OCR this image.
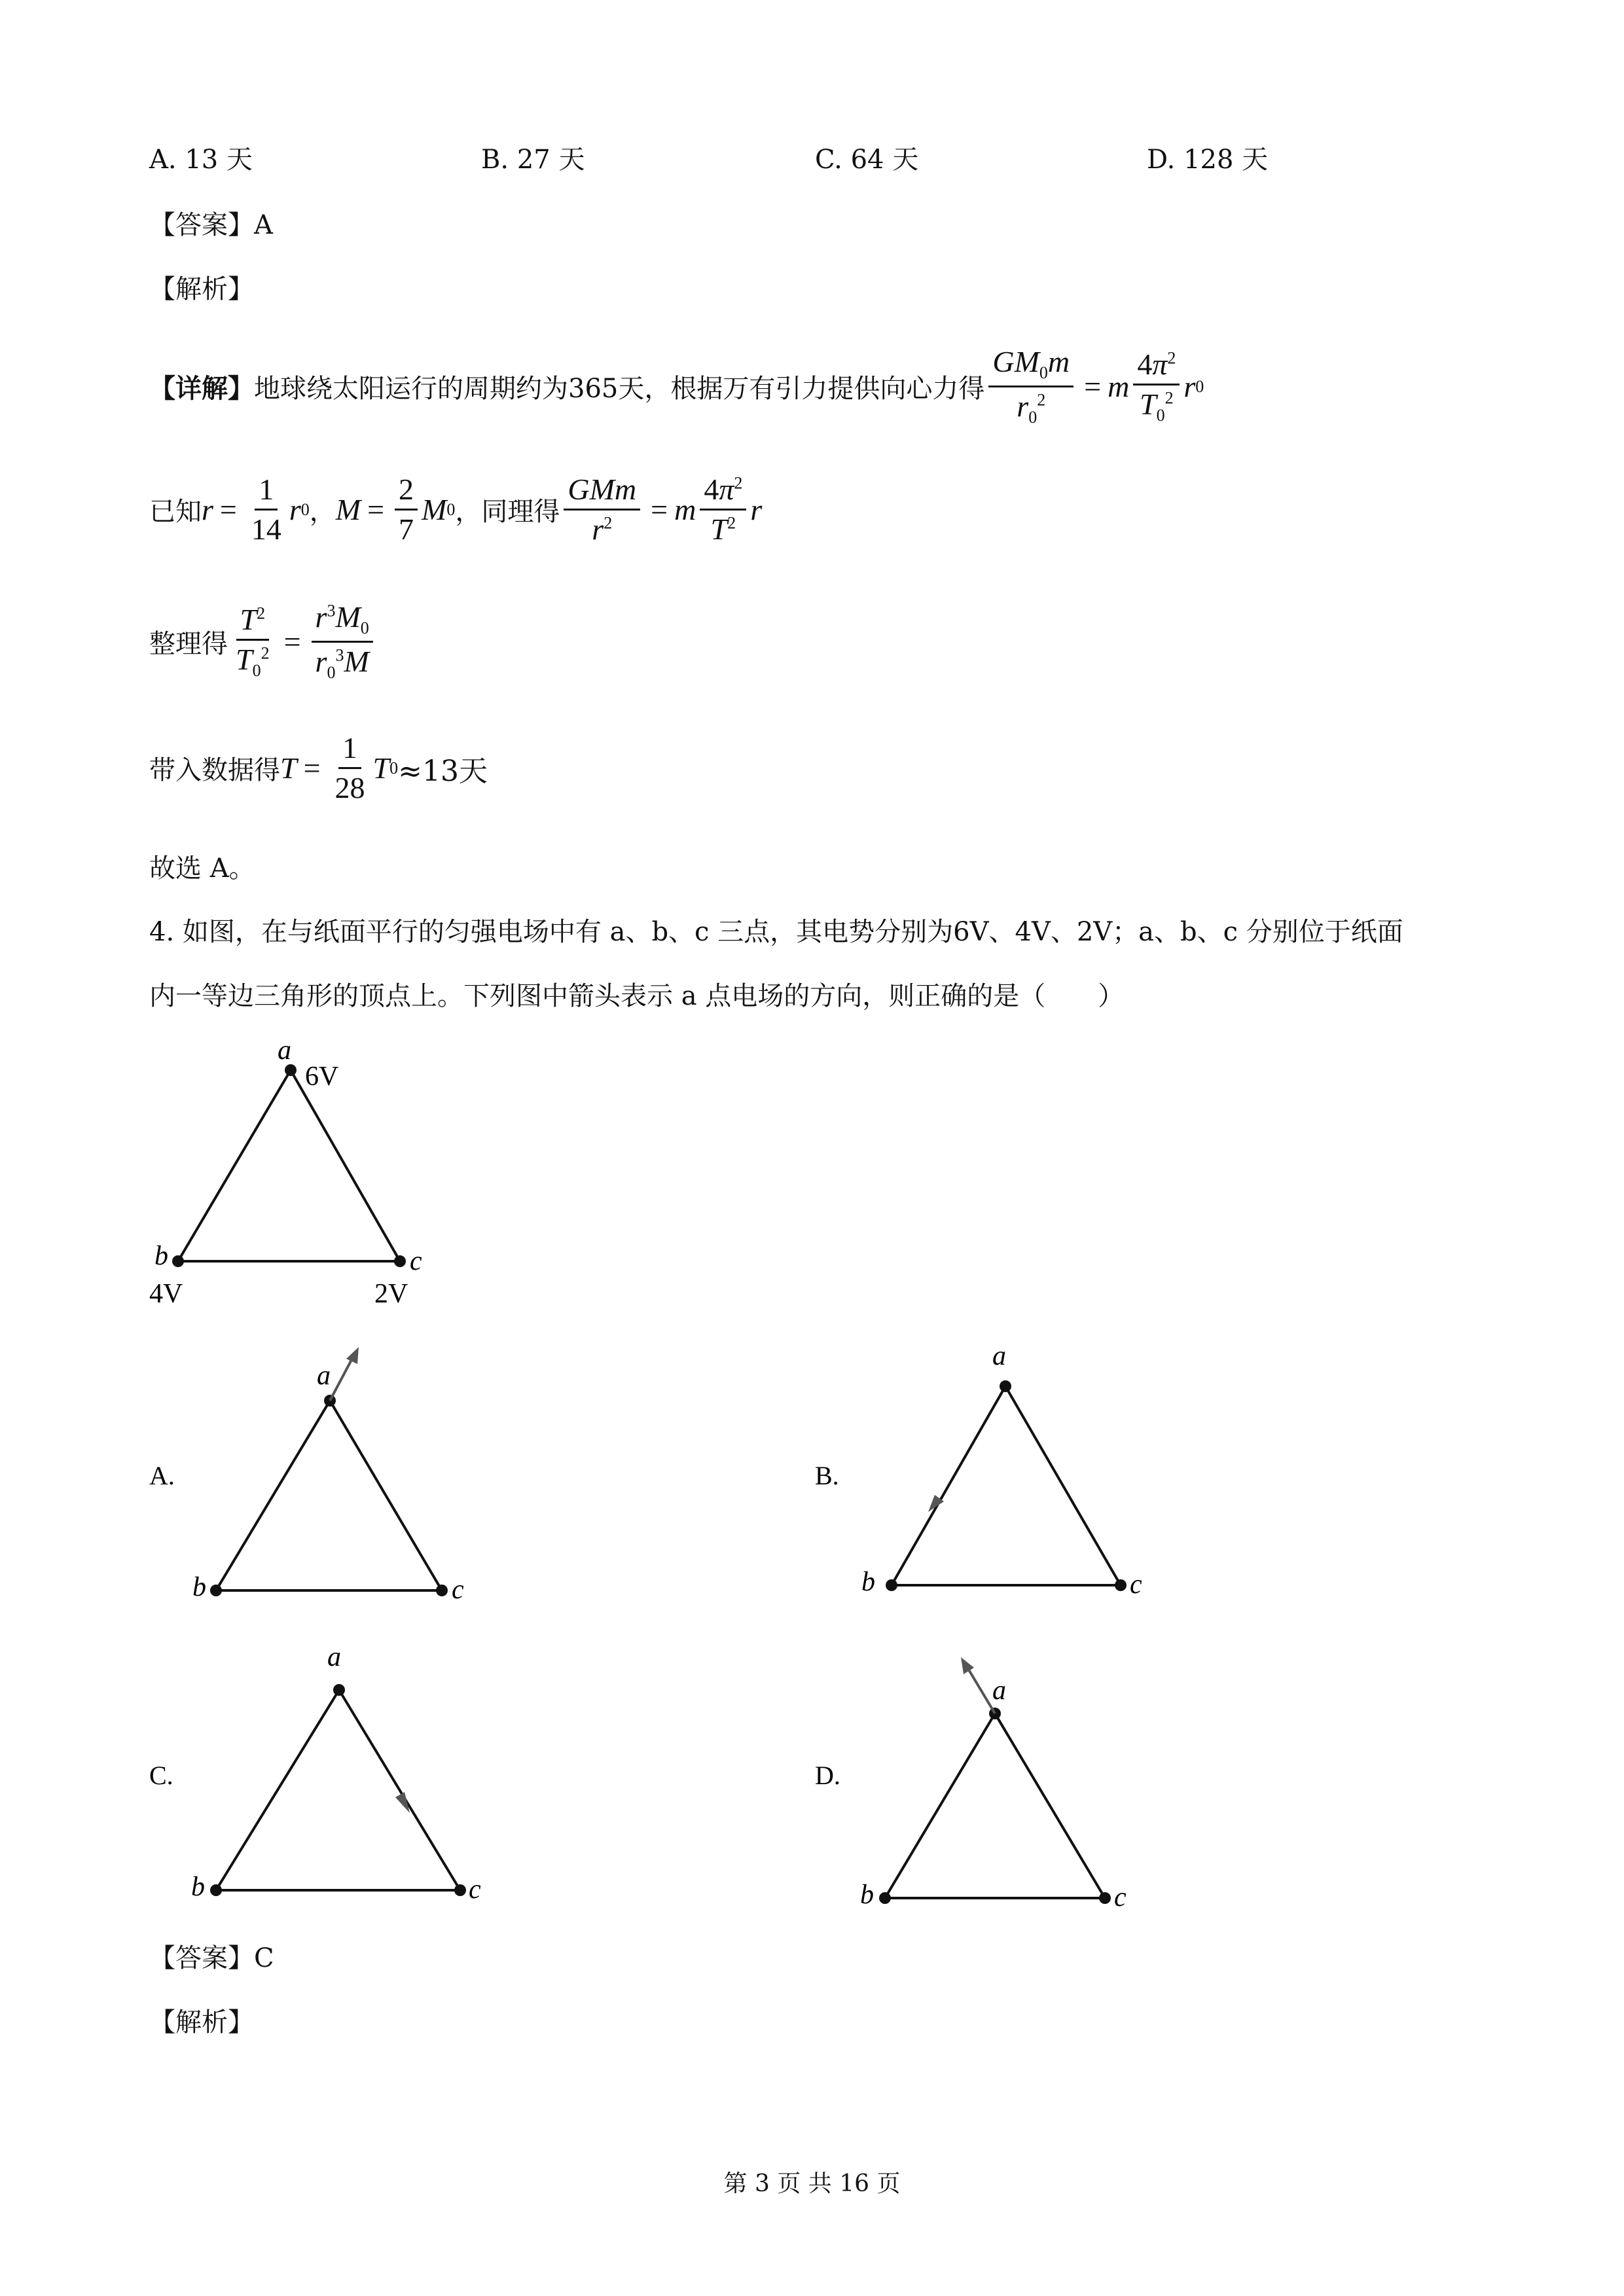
A. 13 天	B. 27 天	C. 64 天	D. 128 天
【答案】A
【解析】
【详解】 地球绕太阳运行的周期约为365天，根据万有引力提供向心力得 $\frac{GM_0m}{r_0^2} = m \frac{4\pi^2}{T_0^2}$ r 0
已知 $r = \frac{1}{14}$ r 0 ， $M = \frac{2}{7}$ M 0 ，同理得 $\frac{\text{GMm}}{r^2} = m \frac{4\pi^2}{T^2}$ r
整理得 $\frac{T^2}{T_0^2} = \frac{r^3M_0}{r_0^3M}$
带入数据得 $T = \frac{1}{28}$ T 0 ≈13天
故选 A。
4. 如图，在与纸面平行的匀强电场中有 a、b、c 三点，其电势分别为6V、4V、2V；a、b、c 分别位于纸面
内一等边三角形的顶点上。下列图中箭头表示 a 点电场的方向，则正确的是（　　）
a
6V
b
4V
c
2V
A.
a
b	c
B.
a
b	c
C.
a
b	c
D.
a
b	c
【答案】C
【解析】
第 3 页 共 16 页
